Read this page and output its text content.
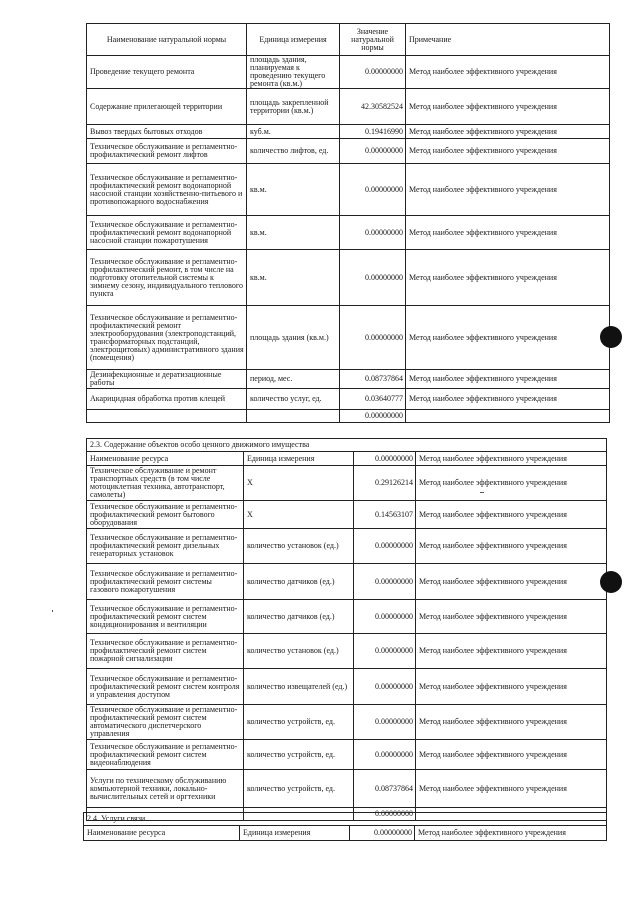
Наименование натуральной нормы	Единица измерения	Значение натуральной нормы	Примечание
Проведение текущего ремонта	площадь здания, планируемая к проведению текущего ремонта (кв.м.)	0.00000000	Метод наиболее эффективного учреждения
Содержание прилегающей территории	площадь закрепленной территории (кв.м.)	42.30582524	Метод наиболее эффективного учреждения
Вывоз твердых бытовых отходов	куб.м.	0.19416990	Метод наиболее эффективного учреждения
Техническое обслуживание и регламентно-профилактический ремонт лифтов	количество лифтов, ед.	0.00000000	Метод наиболее эффективного учреждения
Техническое обслуживание и регламентно-профилактический ремонт водонапорной насосной станции хозяйственно-питьевого и противопожарного водоснабжения	кв.м.	0.00000000	Метод наиболее эффективного учреждения
Техническое обслуживание и регламентно-профилактический ремонт водонапорной насосной станции пожаротушения	кв.м.	0.00000000	Метод наиболее эффективного учреждения
Техническое обслуживание и регламентно-профилактический ремонт, в том числе на подготовку отопительной системы к зимнему сезону, индивидуального теплового пункта	кв.м.	0.00000000	Метод наиболее эффективного учреждения
Техническое обслуживание и регламентно-профилактический ремонт электрооборудования (электроподстанций, трансформаторных подстанций, электрощитовых) административного здания (помещения)	площадь здания (кв.м.)	0.00000000	Метод наиболее эффективного учреждения
Дезинфекционные и дератизационные работы	период, мес.	0.08737864	Метод наиболее эффективного учреждения
Акарицидная обработка против клещей	количество услуг, ед.	0.03640777	Метод наиболее эффективного учреждения
		0.00000000	
2.3. Содержание объектов особо ценного движимого имущества			
Наименование ресурса	Единица измерения	0.00000000	Метод наиболее эффективного учреждения
Техническое обслуживание и ремонт транспортных средств (в том числе мотоциклетная техника, автотранспорт, самолеты)	X	0.29126214	Метод наиболее эффективного учреждения
Техническое обслуживание и регламентно-профилактический ремонт бытового оборудования	X	0.14563107	Метод наиболее эффективного учреждения
Техническое обслуживание и регламентно-профилактический ремонт дизельных генераторных установок	количество установок (ед.)	0.00000000	Метод наиболее эффективного учреждения
Техническое обслуживание и регламентно-профилактический ремонт системы газового пожаротушения	количество датчиков (ед.)	0.00000000	Метод наиболее эффективного учреждения
Техническое обслуживание и регламентно-профилактический ремонт систем кондиционирования и вентиляции	количество датчиков (ед.)	0.00000000	Метод наиболее эффективного учреждения
Техническое обслуживание и регламентно-профилактический ремонт систем пожарной сигнализации	количество установок (ед.)	0.00000000	Метод наиболее эффективного учреждения
Техническое обслуживание и регламентно-профилактический ремонт систем контроля и управления доступом	количество извещателей (ед.)	0.00000000	Метод наиболее эффективного учреждения
Техническое обслуживание и регламентно-профилактический ремонт систем автоматического диспетчерского управления	количество устройств, ед.	0.00000000	Метод наиболее эффективного учреждения
Техническое обслуживание и регламентно-профилактический ремонт систем видеонаблюдения	количество устройств, ед.	0.00000000	Метод наиболее эффективного учреждения
Услуги по техническому обслуживанию компьютерной техники, локально-вычислительных сетей и оргтехники	количество устройств, ед.	0.08737864	Метод наиболее эффективного учреждения
		0.00000000	
2.4. Услуги связи
Наименование ресурса	Единица измерения	0.00000000	Метод наиболее эффективного учреждения
